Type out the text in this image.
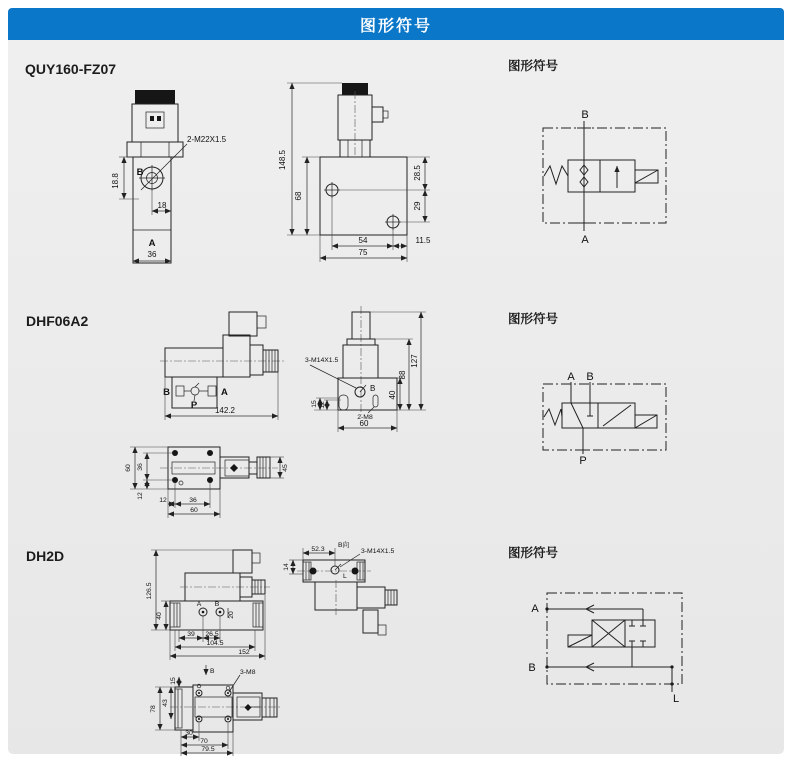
图形符号
QUY160-FZ07	图形符号
DHF06A2	图形符号
DH2D	图形符号
B
2-M22X1.5
18.8
18
A
36
148.5
68
28.5
29
54	11.5
75
B
A
B	A
P 142.2
B
3-M14X1.5	127
88
40
15 12
2-M8
60
60 36
12
12	36
60
45
A B
P
A B
20
126.5
40
39 26.5
104.5
152
L
52.3
B向
3-M14X1.5
14
B	3-M8
78
43
15
30
70
79.5
A
B
L
